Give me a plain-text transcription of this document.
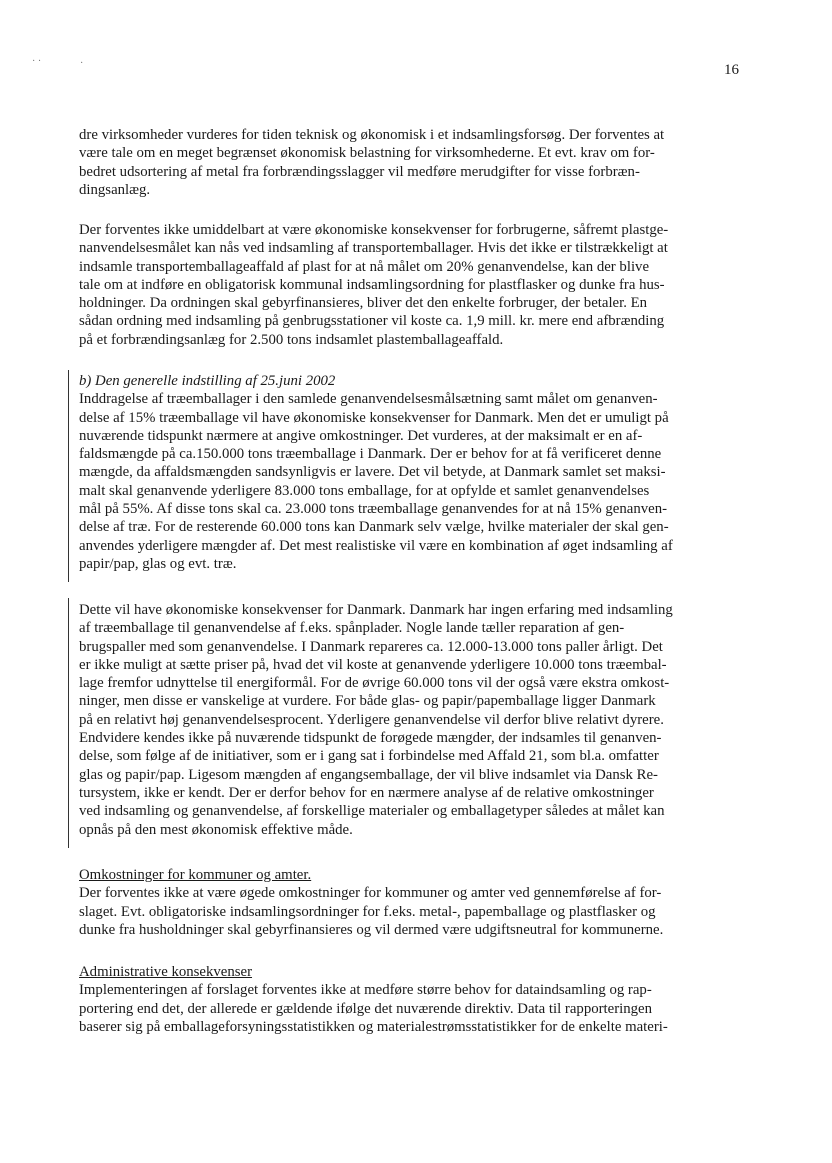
16
· ·	·
dre virksomheder vurderes for tiden teknisk og økonomisk i et indsamlingsforsøg. Der forventes at
være tale om en meget begrænset økonomisk belastning for virksomhederne. Et evt. krav om for-
bedret udsortering af metal fra forbrændingsslagger vil medføre merudgifter for visse forbræn-
dingsanlæg.
Der forventes ikke umiddelbart at være økonomiske konsekvenser for forbrugerne, såfremt plastge-
nanvendelsesmålet kan nås ved indsamling af transportemballager. Hvis det ikke er tilstrækkeligt at
indsamle transportemballageaffald af plast for at nå målet om 20% genanvendelse, kan der blive
tale om at indføre en obligatorisk kommunal indsamlingsordning for plastflasker og dunke fra hus-
holdninger. Da ordningen skal gebyrfinansieres, bliver det den enkelte forbruger, der betaler. En
sådan ordning med indsamling på genbrugsstationer vil koste ca. 1,9 mill. kr. mere end afbrænding
på et forbrændingsanlæg for 2.500 tons indsamlet plastemballageaffald.
b) Den generelle indstilling af 25.juni 2002
Inddragelse af træemballager i den samlede genanvendelsesmålsætning samt målet om genanven-
delse af 15% træemballage vil have økonomiske konsekvenser for Danmark. Men det er umuligt på
nuværende tidspunkt nærmere at angive omkostninger. Det vurderes, at der maksimalt er en af-
faldsmængde på ca.150.000 tons træemballage i Danmark. Der er behov for at få verificeret denne
mængde, da affaldsmængden sandsynligvis er lavere. Det vil betyde, at Danmark samlet set maksi-
malt skal genanvende yderligere 83.000 tons emballage, for at opfylde et samlet genanvendelses
mål på 55%. Af disse tons skal ca. 23.000 tons træemballage genanvendes for at nå 15% genanven-
delse af træ. For de resterende 60.000 tons kan Danmark selv vælge, hvilke materialer der skal gen-
anvendes yderligere mængder af. Det mest realistiske vil være en kombination af øget indsamling af
papir/pap, glas og evt. træ.
Dette vil have økonomiske konsekvenser for Danmark. Danmark har ingen erfaring med indsamling
af træemballage til genanvendelse af f.eks. spånplader. Nogle lande tæller reparation af gen-
brugspaller med som genanvendelse. I Danmark repareres ca. 12.000-13.000 tons paller årligt. Det
er ikke muligt at sætte priser på, hvad det vil koste at genanvende yderligere 10.000 tons træembal-
lage fremfor udnyttelse til energiformål. For de øvrige 60.000 tons vil der også være ekstra omkost-
ninger, men disse er vanskelige at vurdere. For både glas- og papir/papemballage ligger Danmark
på en relativt høj genanvendelsesprocent. Yderligere genanvendelse vil derfor blive relativt dyrere.
Endvidere kendes ikke på nuværende tidspunkt de forøgede mængder, der indsamles til genanven-
delse, som følge af de initiativer, som er i gang sat i forbindelse med Affald 21, som bl.a. omfatter
glas og papir/pap. Ligesom mængden af engangsemballage, der vil blive indsamlet via Dansk Re-
tursystem, ikke er kendt. Der er derfor behov for en nærmere analyse af de relative omkostninger
ved indsamling og genanvendelse, af forskellige materialer og emballagetyper således at målet kan
opnås på den mest økonomisk effektive måde.
Omkostninger for kommuner og amter.
Der forventes ikke at være øgede omkostninger for kommuner og amter ved gennemførelse af for-
slaget. Evt. obligatoriske indsamlingsordninger for f.eks. metal-, papemballage og plastflasker og
dunke fra husholdninger skal gebyrfinansieres og vil dermed være udgiftsneutral for kommunerne.
Administrative konsekvenser
Implementeringen af forslaget forventes ikke at medføre større behov for dataindsamling og rap-
portering end det, der allerede er gældende ifølge det nuværende direktiv. Data til rapporteringen
baserer sig på emballageforsyningsstatistikken og materialestrømsstatistikker for de enkelte materi-
